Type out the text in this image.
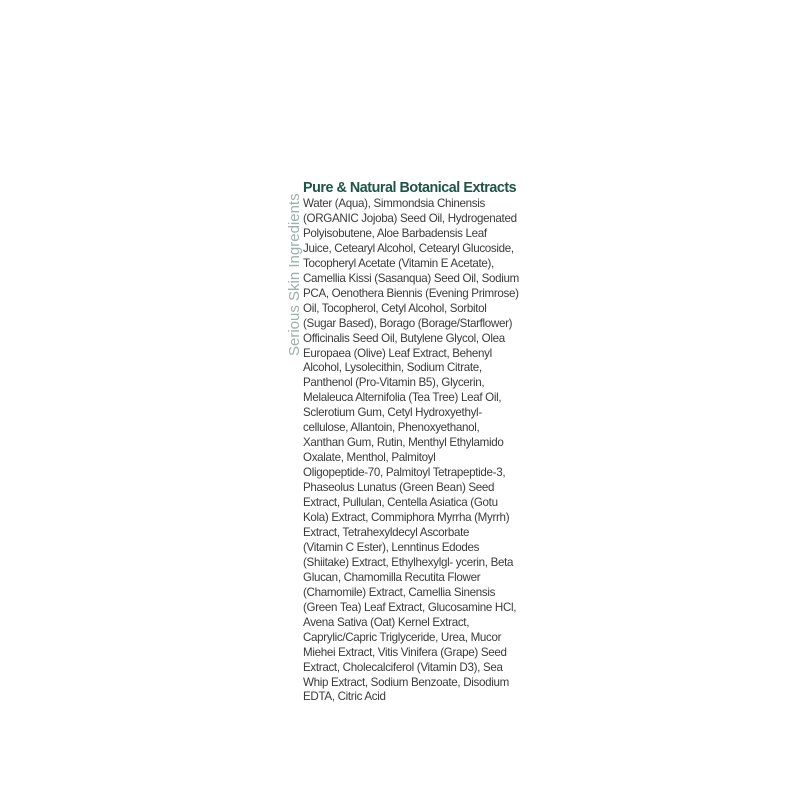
Serious Skin Ingredients
Pure & Natural Botanical Extracts

Water (Aqua), Simmondsia Chinensis
(ORGANIC Jojoba) Seed Oil, Hydrogenated
Polyisobutene, Aloe Barbadensis Leaf
Juice, Cetearyl Alcohol, Cetearyl Glucoside,
Tocopheryl Acetate (Vitamin E Acetate),
Camellia Kissi (Sasanqua) Seed Oil, Sodium
PCA, Oenothera Biennis (Evening Primrose)
Oil, Tocopherol, Cetyl Alcohol, Sorbitol
(Sugar Based), Borago (Borage/Starflower)
Officinalis Seed Oil, Butylene Glycol, Olea
Europaea (Olive) Leaf Extract, Behenyl
Alcohol, Lysolecithin, Sodium Citrate,
Panthenol (Pro-Vitamin B5), Glycerin,
Melaleuca Alternifolia (Tea Tree) Leaf Oil,
Sclerotium Gum, Cetyl Hydroxyethyl-
cellulose, Allantoin, Phenoxyethanol,
Xanthan Gum, Rutin, Menthyl Ethylamido
Oxalate, Menthol, Palmitoyl
Oligopeptide-70, Palmitoyl Tetrapeptide-3,
Phaseolus Lunatus (Green Bean) Seed
Extract, Pullulan, Centella Asiatica (Gotu
Kola) Extract, Commiphora Myrrha (Myrrh)
Extract, Tetrahexyldecyl Ascorbate
(Vitamin C Ester), Lenntinus Edodes
(Shiitake) Extract, Ethylhexylgl- ycerin, Beta
Glucan, Chamomilla Recutita Flower
(Chamomile) Extract, Camellia Sinensis
(Green Tea) Leaf Extract, Glucosamine HCl,
Avena Sativa (Oat) Kernel Extract,
Caprylic/Capric Triglyceride, Urea, Mucor
Miehei Extract, Vitis Vinifera (Grape) Seed
Extract, Cholecalciferol (Vitamin D3), Sea
Whip Extract, Sodium Benzoate, Disodium
EDTA, Citric Acid
